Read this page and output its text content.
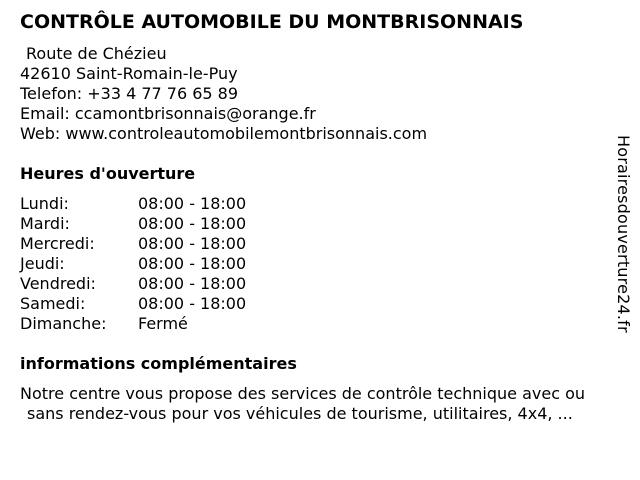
CONTRÔLE AUTOMOBILE DU MONTBRISONNAIS
Route de Chézieu
42610 Saint-Romain-le-Puy
Telefon: +33 4 77 76 65 89
Email: ccamontbrisonnais@orange.fr
Web: www.controleautomobilemontbrisonnais.com
Heures d'ouverture
Lundi:	08:00 - 18:00
Mardi:	08:00 - 18:00
Mercredi:	08:00 - 18:00
Jeudi:	08:00 - 18:00
Vendredi:	08:00 - 18:00
Samedi:	08:00 - 18:00
Dimanche:	Fermé
informations complémentaires
Notre centre vous propose des services de contrôle technique avec ou
sans rendez-vous pour vos véhicules de tourisme, utilitaires, 4x4, ...
Horairesdouverture24.fr
